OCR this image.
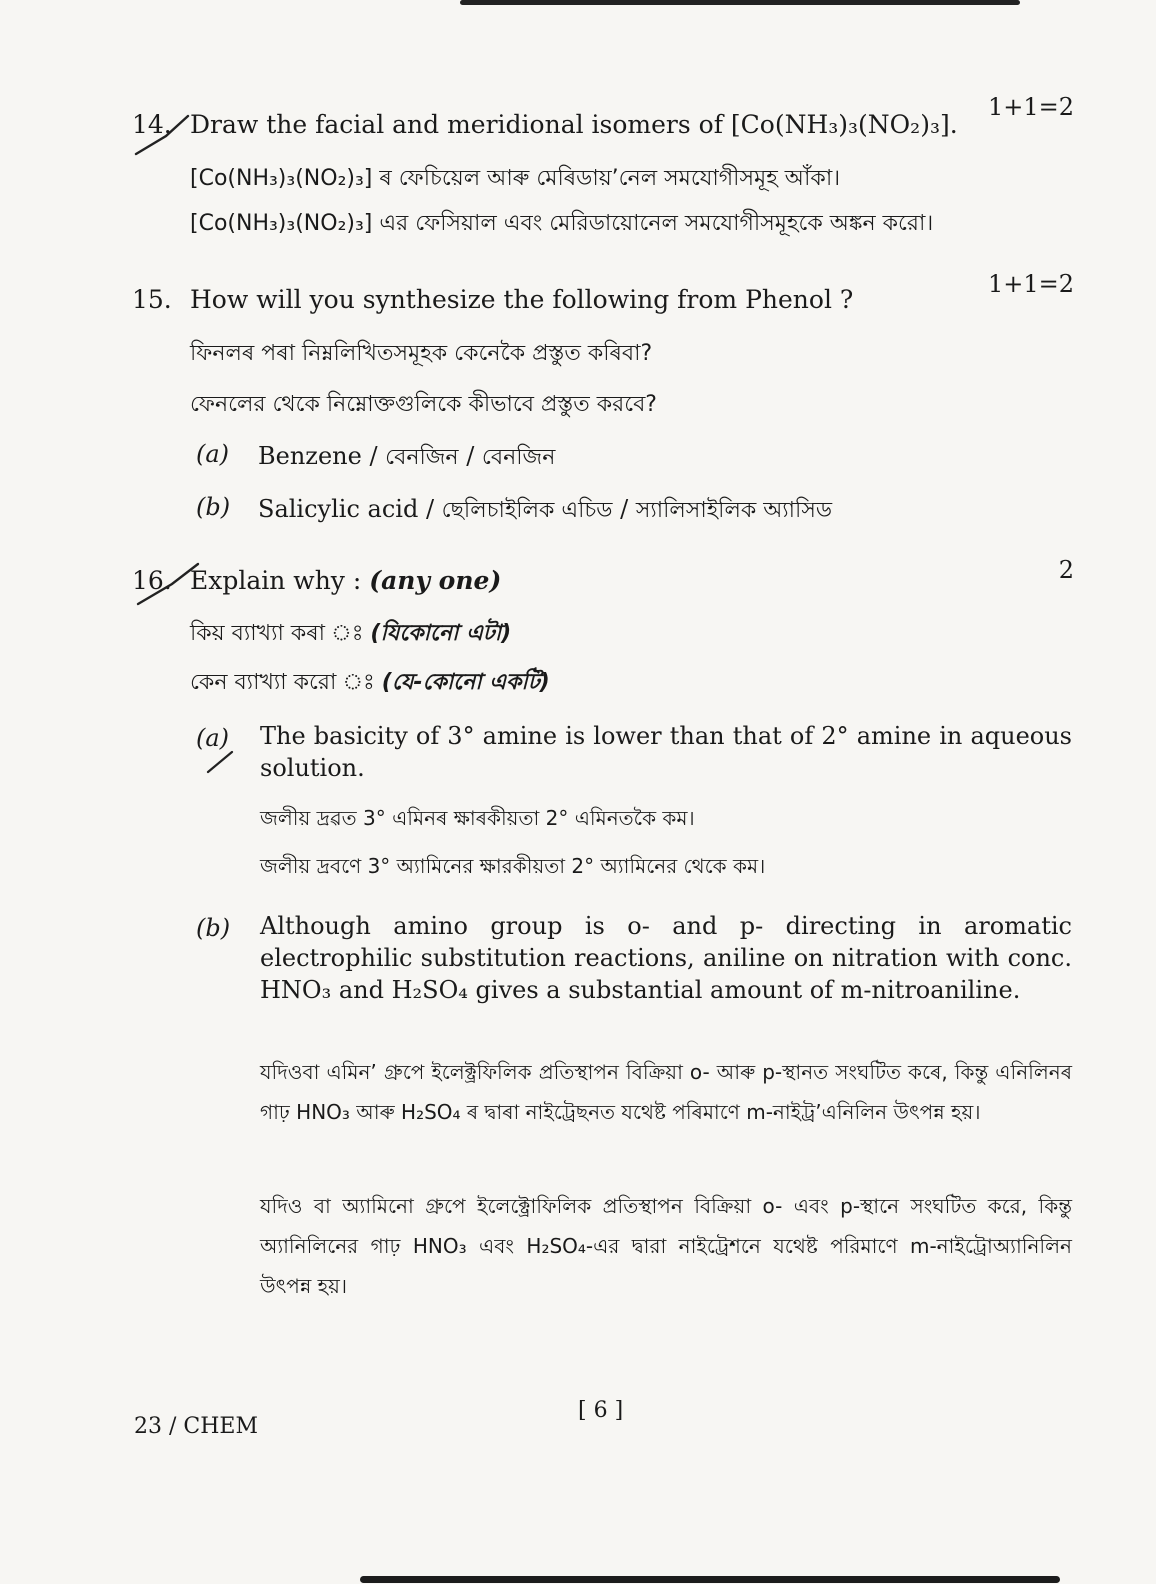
14.
1+1=2
Draw the facial and meridional isomers of [Co(NH₃)₃(NO₂)₃].
[Co(NH₃)₃(NO₂)₃] ৰ ফেচিয়েল আৰু মেৰিডায়’নেল সমযোগীসমূহ আঁকা।
[Co(NH₃)₃(NO₂)₃] এর ফেসিয়াল এবং মেরিডায়োনেল সমযোগীসমূহকে অঙ্কন করো।
15.
1+1=2
How will you synthesize the following from Phenol ?
ফিনলৰ পৰা নিম্নলিখিতসমূহক কেনেকৈ প্ৰস্তুত কৰিবা?
ফেনলের থেকে নিম্নোক্তগুলিকে কীভাবে প্রস্তুত করবে?
(a) Benzene / বেনজিন / বেনজিন
(b) Salicylic acid / ছেলিচাইলিক এচিড / স্যালিসাইলিক অ্যাসিড
16.	2
Explain why : (any one)
কিয় ব্যাখ্যা কৰা ঃ (যিকোনো এটা)
কেন ব্যাখ্যা করো ঃ (যে-কোনো একটি)
(a) The basicity of 3° amine is lower than that of 2° amine in aqueous solution.
জলীয় দ্ৰৱত 3° এমিনৰ ক্ষাৰকীয়তা 2° এমিনতকৈ কম।
জলীয় দ্রবণে 3° অ্যামিনের ক্ষারকীয়তা 2° অ্যামিনের থেকে কম।
(b) Although amino group is o- and p- directing in aromatic electrophilic substitution reactions, aniline on nitration with conc. HNO₃ and H₂SO₄ gives a substantial amount of m-nitroaniline.
যদিওবা এমিন’ গ্ৰুপে ইলেক্ট্ৰফিলিক প্ৰতিস্থাপন বিক্ৰিয়া o- আৰু p-স্থানত সংঘটিত কৰে, কিন্তু এনিলিনৰ গাঢ় HNO₃ আৰু H₂SO₄ ৰ দ্বাৰা নাইট্ৰেছনত যথেষ্ট পৰিমাণে m-নাইট্ৰ’এনিলিন উৎপন্ন হয়।
যদিও বা অ্যামিনো গ্রুপে ইলেক্ট্রোফিলিক প্রতিস্থাপন বিক্রিয়া o- এবং p-স্থানে সংঘটিত করে, কিন্তু অ্যানিলিনের গাঢ় HNO₃ এবং H₂SO₄-এর দ্বারা নাইট্রেশনে যথেষ্ট পরিমাণে m-নাইট্রোঅ্যানিলিন উৎপন্ন হয়।
23 / CHEM
[ 6 ]
